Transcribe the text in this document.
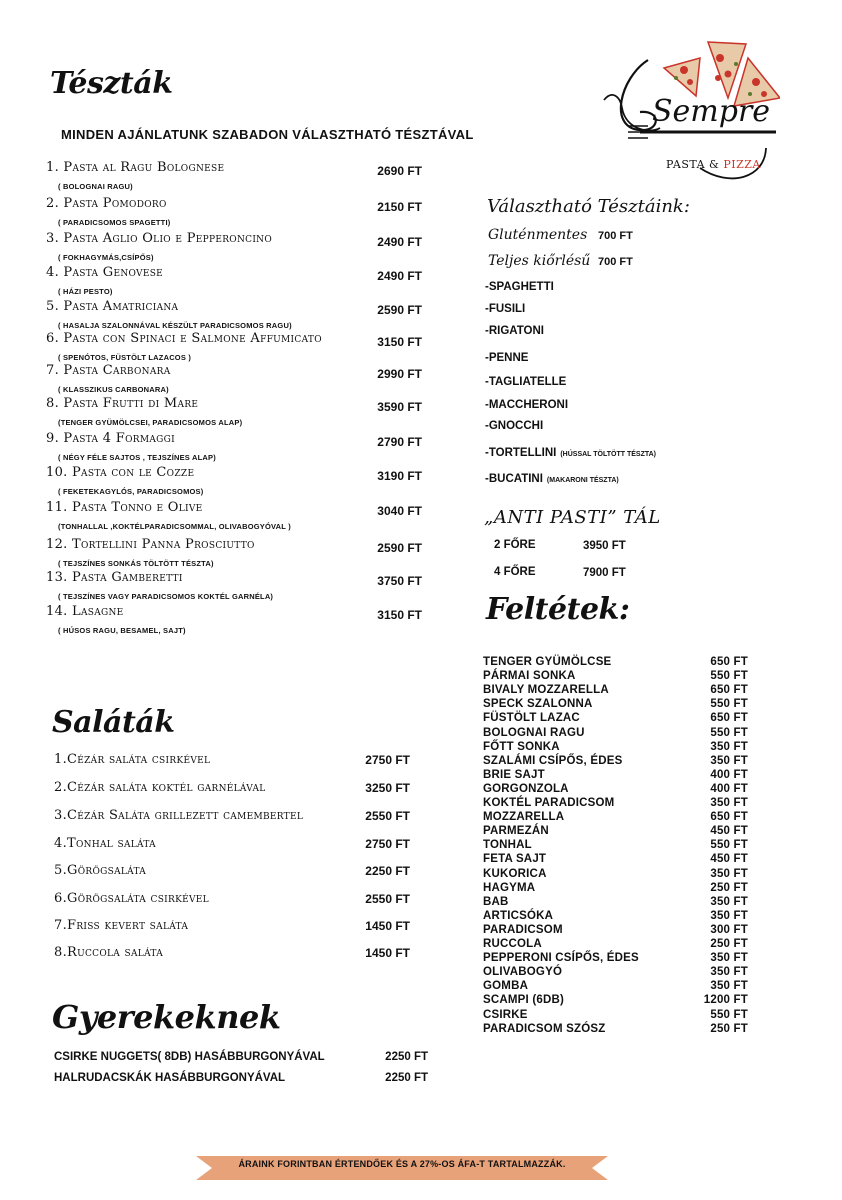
Tészták
MINDEN AJÁNLATUNK SZABADON VÁLASZTHATÓ TÉSZTÁVAL
1. Pasta al Ragu Bolognese
( BOLOGNAI RAGU)
2690 FT
2. Pasta Pomodoro
( PARADICSOMOS SPAGETTI)
2150 FT
3. Pasta Aglio Olio e Pepperoncino
( FOKHAGYMÁS,CSÍPŐS)
2490 FT
4. Pasta Genovese
( HÁZI PESTO)
2490 FT
5. Pasta Amatriciana
( HASALJA SZALONNÁVAL KÉSZÜLT PARADICSOMOS RAGU)
2590 FT
6. Pasta con Spinaci e Salmone Affumicato
( SPENÓTOS, FÜSTÖLT LAZACOS )
3150 FT
7. Pasta Carbonara
( KLASSZIKUS CARBONARA)
2990 FT
8. Pasta Frutti di Mare
(TENGER GYÜMÖLCSEI, PARADICSOMOS ALAP)
3590 FT
9. Pasta 4 Formaggi
( NÉGY FÉLE SAJTOS , TEJSZÍNES ALAP)
2790 FT
10. Pasta con le Cozze
( FEKETEKAGYLÓS, PARADICSOMOS)
3190 FT
11. Pasta Tonno e Olive
(TONHALLAL ,KOKTÉLPARADICSOMMAL, OLIVABOGYÓVAL )
3040 FT
12. Tortellini Panna Prosciutto
( TEJSZÍNES SONKÁS TÖLTÖTT TÉSZTA)
2590 FT
13. Pasta Gamberetti
( TEJSZÍNES VAGY PARADICSOMOS KOKTÉL GARNÉLA)
3750 FT
14. Lasagne
( HÚSOS RAGU, BESAMEL, SAJT)
3150 FT
Saláták
1.Cézár saláta csirkével	2750 FT
2.Cézár saláta koktél garnélával	3250 FT
3.Cézár Saláta grillezett camembertel	2550 FT
4.Tonhal saláta	2750 FT
5.Görögsaláta	2250 FT
6.Görögsaláta csirkével	2550 FT
7.Friss kevert saláta	1450 FT
8.Ruccola saláta	1450 FT
Gyerekeknek
CSIRKE NUGGETS( 8DB) HASÁBBURGONYÁVAL	2250 FT
HALRUDACSKÁK HASÁBBURGONYÁVAL	2250 FT
Sempre
PASTA & PIZZA
Választható Tésztáink:
Gluténmentes 700 FT
Teljes kiőrlésű 700 FT
-SPAGHETTI
-FUSILI
-RIGATONI
-PENNE
-TAGLIATELLE
-MACCHERONI
-GNOCCHI
-TORTELLINI (HÚSSAL TÖLTÖTT TÉSZTA)
-BUCATINI (MAKARONI TÉSZTA)
„ANTI PASTI” TÁL
2 FŐRE	3950 FT
4 FŐRE	7900 FT
Feltétek:
TENGER GYÜMÖLCSE	650 FT
PÁRMAI SONKA	550 FT
BIVALY MOZZARELLA	650 FT
SPECK SZALONNA	550 FT
FÜSTÖLT LAZAC	650 FT
BOLOGNAI RAGU	550 FT
FŐTT SONKA	350 FT
SZALÁMI CSÍPŐS, ÉDES	350 FT
BRIE SAJT	400 FT
GORGONZOLA	400 FT
KOKTÉL PARADICSOM	350 FT
MOZZARELLA	650 FT
PARMEZÁN	450 FT
TONHAL	550 FT
FETA SAJT	450 FT
KUKORICA	350 FT
HAGYMA	250 FT
BAB	350 FT
ARTICSÓKA	350 FT
PARADICSOM	300 FT
RUCCOLA	250 FT
PEPPERONI CSÍPŐS, ÉDES	350 FT
OLIVABOGYÓ	350 FT
GOMBA	350 FT
SCAMPI (6DB)	1200 FT
CSIRKE	550 FT
PARADICSOM SZÓSZ	250 FT
ÁRAINK FORINTBAN ÉRTENDŐEK ÉS A 27%-OS ÁFA-T TARTALMAZZÁK.
